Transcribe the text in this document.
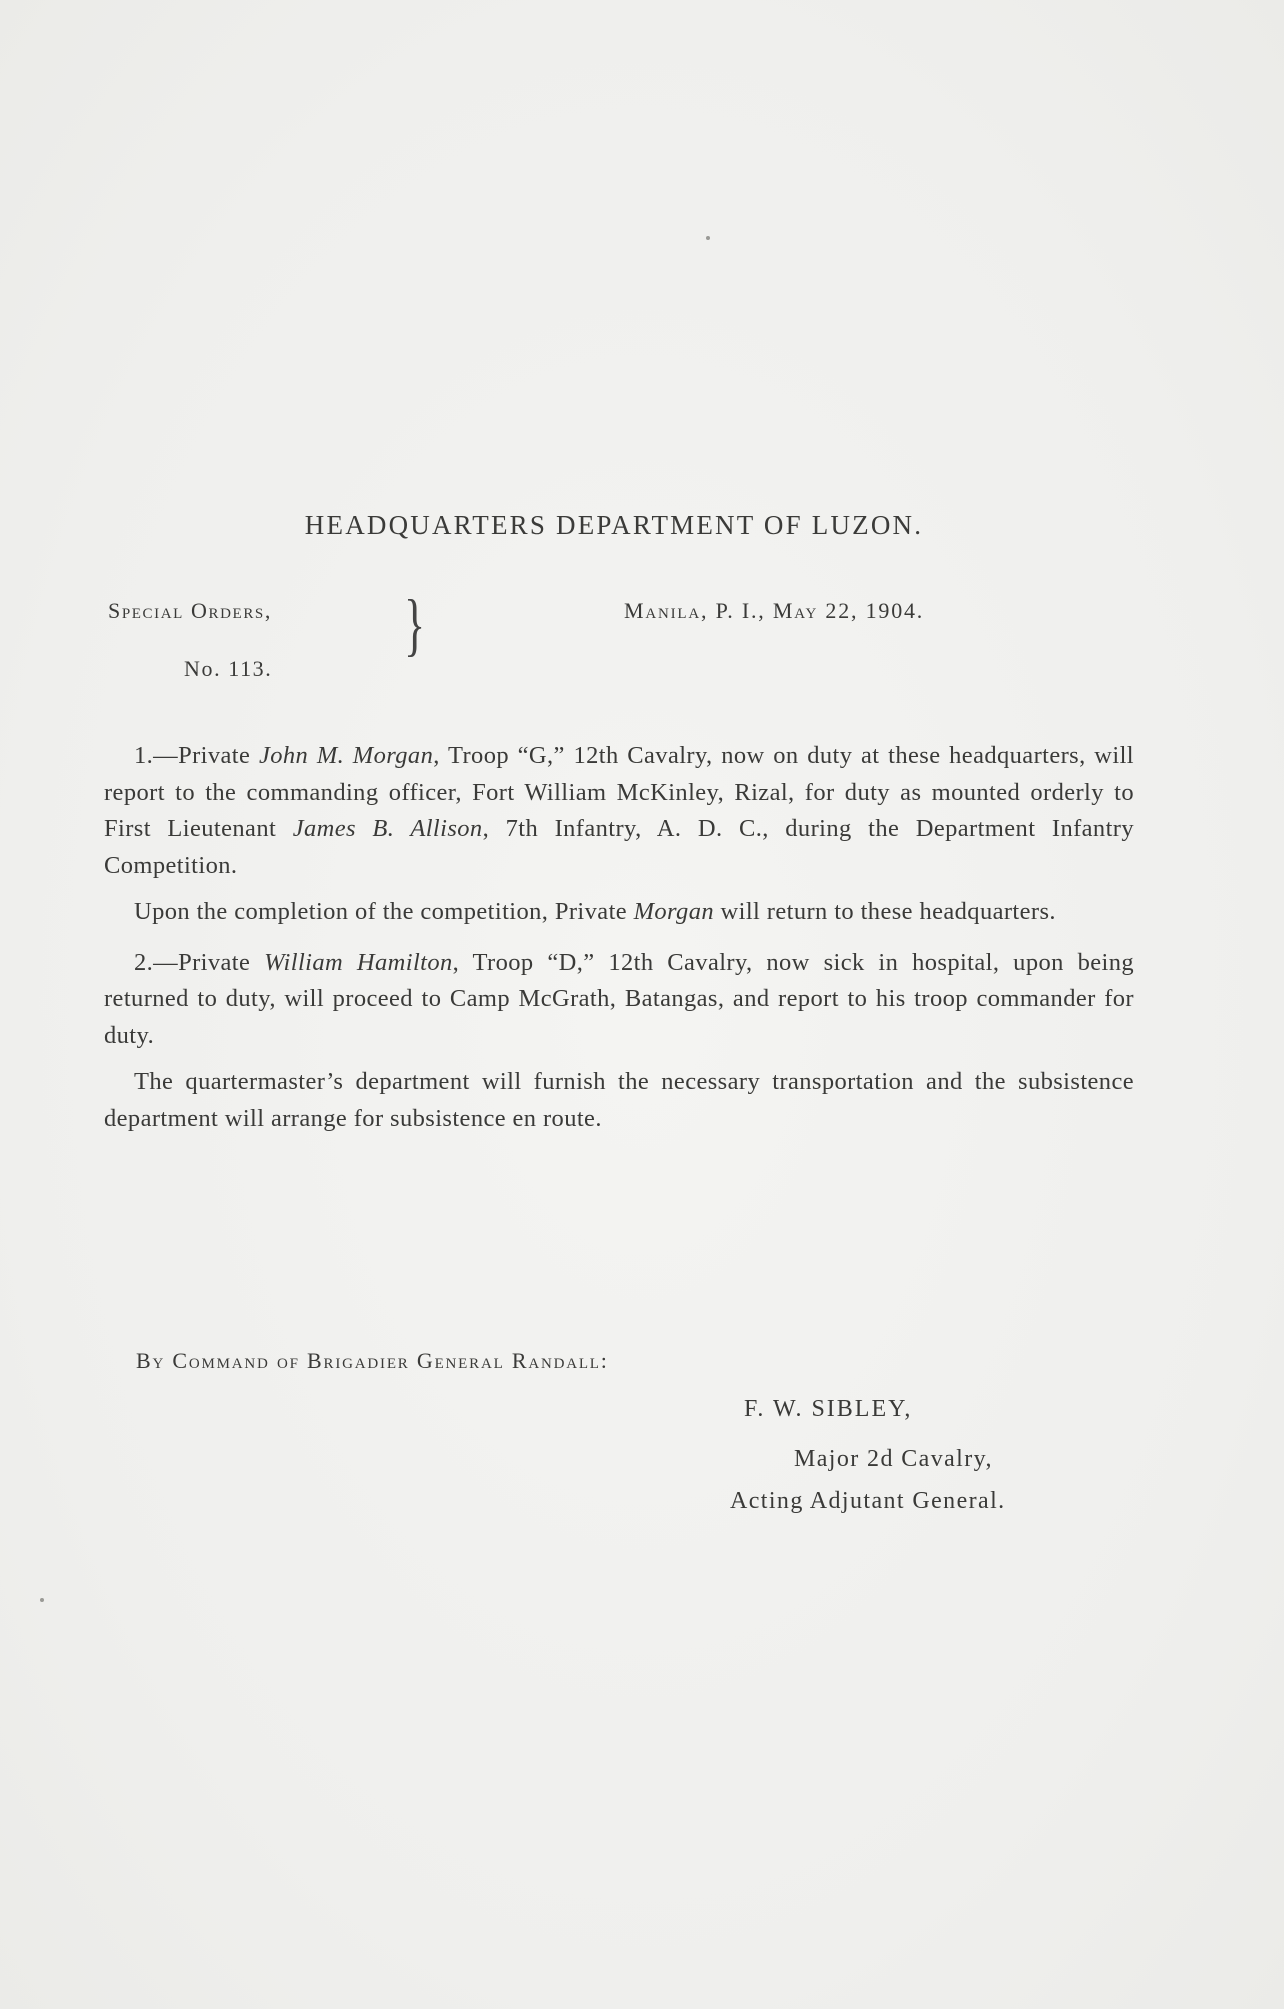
HEADQUARTERS DEPARTMENT OF LUZON.
Special Orders,	}
No. 113.
Manila, P. I., May 22, 1904.

1.—Private John M. Morgan, Troop “G,” 12th Cavalry, now on duty at these headquarters, will report to the commanding officer, Fort William McKinley, Rizal, for duty as mounted orderly to First Lieutenant James B. Allison, 7th Infantry, A. D. C., during the Department Infantry Competition.

Upon the completion of the competition, Private Morgan will return to these headquarters.

2.—Private William Hamilton, Troop “D,” 12th Cavalry, now sick in hospital, upon being returned to duty, will proceed to Camp McGrath, Batangas, and report to his troop commander for duty.

The quartermaster’s department will furnish the necessary transportation and the subsistence department will arrange for subsistence en route.

By Command of Brigadier General Randall:
F. W. SIBLEY,
Major 2d Cavalry,
Acting Adjutant General.
